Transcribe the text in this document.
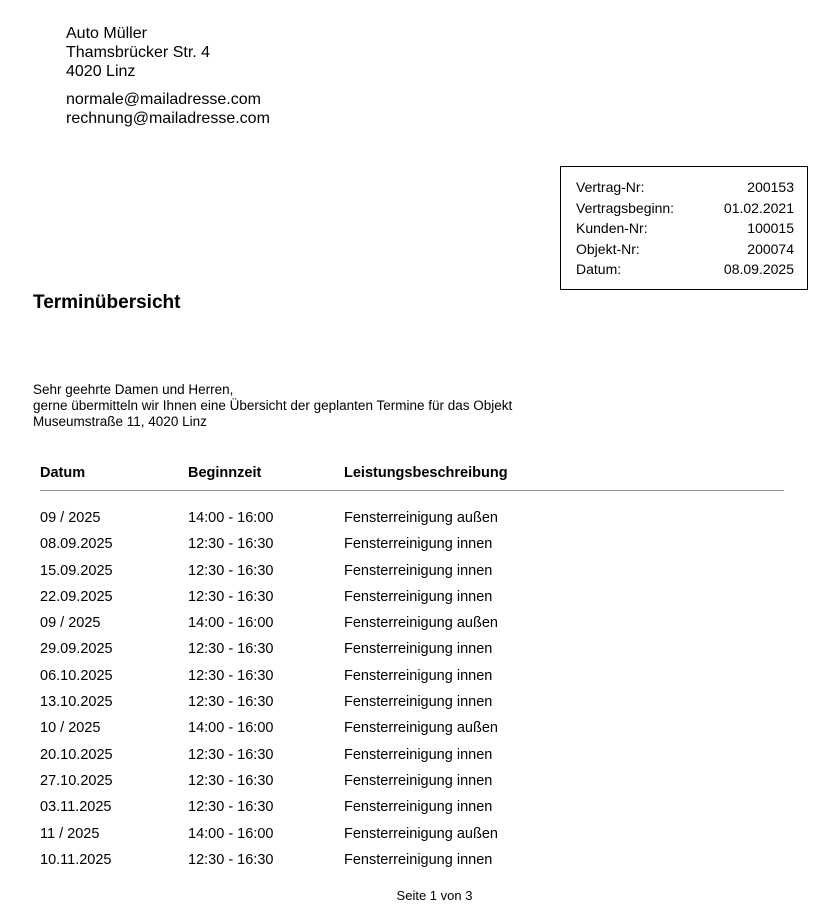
Auto Müller
Thamsbrücker Str. 4
4020 Linz
normale@mailadresse.com
rechnung@mailadresse.com
Vertrag-Nr:	200153
Vertragsbeginn:	01.02.2021
Kunden-Nr:	100015
Objekt-Nr:	200074
Datum:	08.09.2025
Terminübersicht
Sehr geehrte Damen und Herren,
gerne übermitteln wir Ihnen eine Übersicht der geplanten Termine für das Objekt
Museumstraße 11, 4020 Linz
Datum	Beginnzeit	Leistungsbeschreibung
09 / 2025	14:00 - 16:00	Fensterreinigung außen
08.09.2025	12:30 - 16:30	Fensterreinigung innen
15.09.2025	12:30 - 16:30	Fensterreinigung innen
22.09.2025	12:30 - 16:30	Fensterreinigung innen
09 / 2025	14:00 - 16:00	Fensterreinigung außen
29.09.2025	12:30 - 16:30	Fensterreinigung innen
06.10.2025	12:30 - 16:30	Fensterreinigung innen
13.10.2025	12:30 - 16:30	Fensterreinigung innen
10 / 2025	14:00 - 16:00	Fensterreinigung außen
20.10.2025	12:30 - 16:30	Fensterreinigung innen
27.10.2025	12:30 - 16:30	Fensterreinigung innen
03.11.2025	12:30 - 16:30	Fensterreinigung innen
11 / 2025	14:00 - 16:00	Fensterreinigung außen
10.11.2025	12:30 - 16:30	Fensterreinigung innen
Seite 1 von 3
